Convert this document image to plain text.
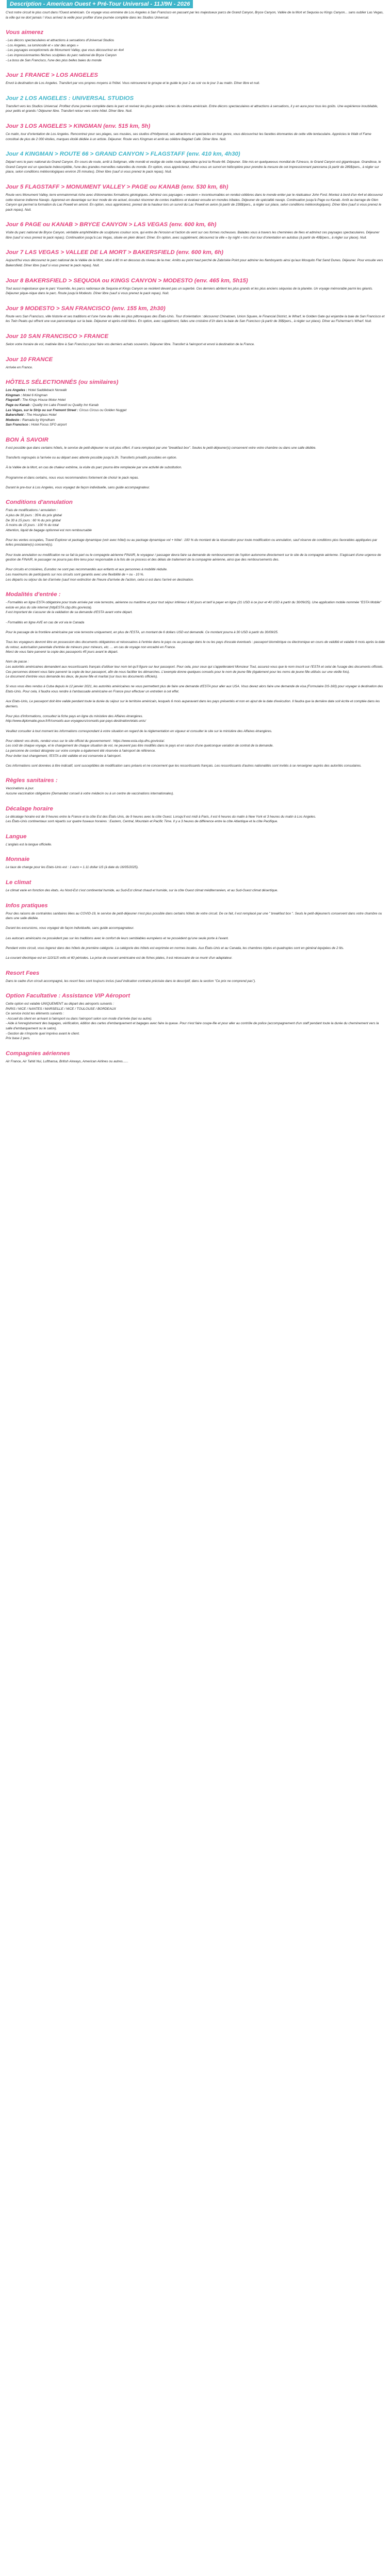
Description - American Ouest + Pré-Tour Universal - 11J/9N - 2026

C'est notre circuit le plus court dans l'Ouest américain. Ce voyage vous emmène de Los Angeles à San Francisco en passant par les majestueux parcs de Grand Canyon, Bryce Canyon, Vallée de la Mort et Sequoia ou Kings Canyon... sans oublier Las Vegas, la ville qui ne dort jamais ! Vous arrivez la veille pour profiter d'une journée complète dans les Studios Universal.

Vous aimerez
- Les décors spectaculaires et attractions à sensations d'Universal Studios
- Los Angeles, sa luminosité et « star des anges »
- Les paysages exceptionnels de Monument Valley, que vous découvrirez en 4x4
- Les impressionnantes flèches sculptées du parc national de Bryce Canyon
- La boss de San Francisco, l'une des plus belles baies du monde
Jour 1 FRANCE > LOS ANGELES

Envol à destination de Los Angeles. Transfert par vos propres moyens à l'hôtel. Vous retrouverez le groupe et le guide le jour 2 au soir ou le jour 3 au matin. Dîner libre et nuit.

Jour 2 LOS ANGELES : UNIVERSAL STUDIOS

Transfert vers les Studios Universal. Profitez d'une journée complète dans le parc et revivez les plus grandes scènes du cinéma américain. Entre décors spectaculaires et attractions à sensations, il y en aura pour tous les goûts. Une expérience inoubliable, pour petits et grands ! Déjeuner libre. Transfert retour vers votre hôtel. Dîner libre. Nuit.

Jour 3 LOS ANGELES > KINGMAN (env. 515 km, 5h)

Ce matin, tour d'orientation de Los Angeles. Rencontrez pour ses plages, ses musées, ses studios d'Hollywood, ses attractions et spectacles en tout genre, vous découvrirez les facettes étonnantes de cette ville tentaculaire. Apprécies le Walk of Fame constitué de plus de 2 000 étoiles, marques étoilé dédiée à un artiste. Déjeuner. Route vers Kingman et arrêt au célèbre Bagdad Café. Dîner libre. Nuit.

Jour 4 KINGMAN > ROUTE 66 > GRAND CANYON > FLAGSTAFF (env. 410 km, 4h30)

Départ vers le parc national du Grand Canyon. En cours de route, arrêt à Seligman, ville mondé et vestige de cette route légendaire qu'est la Route 66. Déjeuner. Site mis en quelqueeous mondial de l'Unesco, le Grand Canyon est gigantesque. Grandiose, le Grand Canyon est un spectacle indescriptible, l'une des grandes merveilles naturelles du monde. En option, vous apprécierez, offrez-vous un survol en hélicoptère pour prendre la mesure de cet impressionnant panorama (à partir de 289$/pers., à régler sur place, selon conditions météorologiques environ 25 minutes). Dîner libre (sauf si vous prenez le pack repas). Nuit.

Jour 5 FLAGSTAFF > MONUMENT VALLEY > PAGE ou KANAB (env. 530 km, 6h)

Route vers Monument Valley, terre emmainmmat riche avec d'étonnantes formations géologiques. Admirez ces paysages « western » incontournables en rendez-célèbres dans le monde entier par le réalisateur John Ford. Montez à bord d'un 4x4 et découvrez cette réserve indienne Navajo. Apprenez-en davantage sur leur mode de vie actuel, écoutez résonner de contes traditions et évaluez ensuite en mondes tribales. Déjeuner de spécialité navajo. Continuation jusqu'à Page ou Kanab. Arrêt au barrage de Glen Canyon qui permet la formation du Lac Powell en amont. En option, vous apprécierez, prenez de la hauteur lors un survol du Lac Powell en avion (à partir de 239$/pers., à régler sur place, selon conditions météorologiques). Dîner libre (sauf si vous prenez le pack repas). Nuit.

Jour 6 PAGE ou KANAB > BRYCE CANYON > LAS VEGAS (env. 600 km, 6h)

Visite du parc national de Bryce Canyon, véritable amphithéâtre de sculptures coulour ocre, qui entre de l'érosion et l'action du vent sur ces formes rocheuses. Balades vous à travers les cheminées de fées et admirez ces paysages spectaculaires. Déjeuner libre (sauf si vous prenez le pack repas). Continuation jusqu'à Las Vegas, située en plein désert. Dîner. En option, avec supplément, découvrez la ville « by night » lors d'un tour d'orientation en autobus (à partir de 49$/pers., à régler sur place). Nuit.

Jour 7 LAS VEGAS > VALLEE DE LA MORT > BAKERSFIELD (env. 600 km, 6h)

Aujourd'hui vous découvrez le parc national de la Vallée de la Mort, situé à 80 m en dessous du niveau de la mer. Arrêts au point haut perché de Zabriskie Point pour admirer les flamboyants ainsi qu'aux Mosquito Flat Sand Dunes. Déjeuner. Pour ensuite vers Bakersfield. Dîner libre (sauf si vous prenez le pack repas). Nuit.

Jour 8 BAKERSFIELD > SEQUOIA ou KINGS CANYON > MODESTO (env. 465 km, 5h15)

Tout aussi majestueux que le parc Yosemite, les parcs nationaux de Sequoia et Kings Canyon se recèlent devant pas un superbé. Ces derniers abritent les plus grands et les plus anciens séquoias de la planète. Un voyage mémorable parmi les géants. Déjeuner pique-nique dans le parc. Route jusqu'à Modesto. Dîner libre (sauf si vous prenez le pack repas). Nuit.

Jour 9 MODESTO > SAN FRANCISCO (env. 155 km, 2h30)

Route vers San Francisco, ville historie et ses traditions et l'une l'une des villes les plus pittoresques des États-Unis. Tour d'orientation : découvrez Chinatown, Union Square, le Financial District, le Wharf, le Golden Gate qui enjambe la baie de San Francisco et les Twin Peaks qui offrent une vue panoramique sur la baie. Déjeuner et après-midi libres. En option, avec supplément, faites une croisière d'1h dans la baie de San Francisco (à partir de 39$/pers., à régler sur place). Dîner au Fisherman's Wharf. Nuit.

Jour 10 SAN FRANCISCO > FRANCE

Selon votre horaire de vol, matinée libre à San Francisco pour faire vos derniers achats souvenirs. Déjeuner libre. Transfert à l'aéroport et envol à destination de la France.

Jour 10 FRANCE

Arrivée en France.

HÔTELS SÉLECTIONNÉS (ou similaires)

Los Angeles : Hotel Saddleback Norwalk

Kingman : Motel 6 Kingman

Flagstaff : The Kings House Motor Hotel

Page ou Kanab : Quality Inn Lake Powell ou Quality Inn Kanab

Las Vegas, sur le Strip ou sur Fremont Street : Circus Circus ou Golden Nugget

Bakersfield : The Hourglass Hotel

Modesto : Ramada by Wyndham

San Francisco : Hotel Focus SFO airport

BON À SAVOIR

Il est possible que dans certains hôtels, le service de petit-déjeuner ne soit plus offert. Il sera remplacé par une "breakfast box". Seules le petit-déjeuner(s) conservent votre votre chambre ou dans une salle dédiée.

Transferts regroupés à l'arrivée ou au départ avec attente possible jusqu'à 2h. Transferts privatifs possibles en option.

À la Vallée de la Mort, en cas de chaleur extrême, la visite du parc pourra être remplacée par une activité de substitution.

Programme et dans certains, nous vous recommandons fortement de choisir le pack repas.

Durant le pre-tour à Los Angeles, vous voyagez de façon individuelle, sans guide accompagnateur.

Conditions d'annulation

Frais de modifications / annulation :

A plus de 30 jours : 35% du prix global

De 30 à 15 jours : 60 % du prix global

À moins de 15 jours : 100 % du total

Attention, liquid de bagage optionnel est non remboursable

Pour les ventes occupées, Travel Explorer et package dynamique (voir avec hôtel) ou au package dynamique vol + hôtel : 100 % du montant de la réservation pour toute modification ou annulation, sauf réserve de conditions plus favorables appliquées par le/les prestataire(s) concerné(s).

Pour toute annulation ou modification ne se fait la part ou le compagnie aérienne FINAIR, le voyageur / passager devra faire sa demande de remboursement de l'option autonome directement sur le site de la compagnie aérienne. S'agissant d'une urgence de gestion de FINAIR, le passager ne pourra pas être tenu pour responsable à la fois de ce process et des délais de traitement de la compagnie aérienne, ainsi que des remboursements des.

Pour circuits et croisières, Eurodoc ne sont pas recommandés aux enfants et aux personnes à mobilité réduite.

Les maximums de participants sur nos circuits sont garantis avec une flexibilité de + ou - 10 %.

Les départs ou séjour du lan d'arrivée (sauf mon extinction de l'heure d'arrivée de l'action, celui-ci est dans l'arrivé en destination.

Modalités d'entrée :

- Formalités en ligne ESTA obligatoire pour toute arrivée par voie terrestre, aérienne ou maritime et pour tout séjour inférieur à 90 jours et tarif à payer en ligne (21 USD à ce jour et 40 USD à partir du 30/09/25). Une application mobile nommée "ESTA Mobile" existe en plus du site internet (httpESTA.cbp.dhs.gov/esta).

Il est important de s'assurer de la validation de sa demande d'ESTA avant votre départ.

- Formalités en ligne AVE en cas de vol via le Canada

Pour le passage de la frontière américaine par voie terrestre uniquement, en plus de l'ESTA, un montant de 6 dollars USD est demandé. Ce montant pourra à 30 USD à partir du 30/09/25.

Tous les voyageurs devront être en possession des documents obligatoires et nécessaires à l'entrée dans le pays ou au passage dans le ou les pays d'escale éventuels : passeport biométrique ou électronique en cours de validité et valable 6 mois après la date du retour, autorisation parentale d'entrée de mineurs pour mineurs, etc. ... en cas de voyage non encadré en France.

Merci de vous faire parvenir la copie des passeports 45 jours avant le départ.

Nom de passe :

Les autorités américaines demandent aux ressortissants français d'utiliser leur nom tel qu'il figure sur leur passeport. Pour cela, pour ceux qui s'appelleraient Monsieur Tout, assurez-vous que le nom inscrit sur l'ESTA et celui de l'usage des documents officiels. Ces personnes doivent vous faire parvenir la copie de leur passeport, afin de nous faciliter les démarches. L'exemple donne quelques conseils pour le nom de jeune fille (également pour les noms de jeune fille utilisés sur une vieille fois).

Le document d'entrée vous demande les deux, de jeune fille et marital (sur tous les documents officiels).

Si vous vous êtes rendus à Cuba depuis le 12 janvier 2021, les autorités américaines ne vous permettent plus de faire une demande d'ESTA pour aller aux USA. Vous devez alors faire une demande de visa (Formulaire DS-160) pour voyager à destination des Etats-Unis. Pour cela, il faudra vous rendre à l'ambassade américaine en France pour effectuer un entretien à cet effet.

Aux Etats-Unis, Le passeport doit être valide pendant toute la durée du séjour sur le territoire américain, lesquels 6 mois auparavant dans les pays présentés et non en ajout de la date d'exécution. Il faudra que la dernière date soit écrite et comptée dans les derniers.

Pour plus d'informations, consultez la fiche pays en ligne du ministère des Affaires étrangères.

http://www.diplomatie.gouv.fr/fr/conseils-aux-voyageurs/conseils-par-pays-destination/etats-unis/

Veuillez consulter à tout moment les informations correspondant à votre situation en regard de la réglementation en vigueur et consulter le site sur le ministère des Affaires étrangères.

Pour obtenir vos droits, rendez-vous sur le site officiel du gouvernement : https://www.esta.cbp.dhs.gov/esta/.

Les coût de chaque voyage, et le changement de chaque situation de vol, ne peuvent pas être modifiés dans le pays et en raison d'une quelconque variation de contrat de la demande.

La personne de contact désignée sur votre compte a également été réservée à l'aéroport de référence.

Pour éviter tout changement, l'ESTA a été validée et est conservée à l'aéroport.

Ces informations sont données à titre indicatif, sont susceptibles de modification sans préavis et ne concernent que les ressortissants français. Les ressortissants d'autres nationalités sont invités à se renseigner auprès des autorités consulaires.

Règles sanitaires :

Vaccinations à jour.

Aucune vaccination obligatoire (Demandez conseil à votre médecin ou à un centre de vaccinations internationales).

Décalage horaire

Le décalage horaire est de 9 heures entre la France et la côte Est des États-Unis, de 9 heures avec la côte Ouest. Lorsqu'il est midi à Paris, il est 6 heures du matin à New York et 3 heures du matin à Los Angeles.

Les États-Unis continentaux sont répartis sur quatre fuseaux horaires : Eastern, Central, Mountain et Pacific Time. Il y a 3 heures de différence entre la côte Atlantique et la côte Pacifique.

Langue

L'anglais est la langue officielle.

Monnaie

Le taux de change pour les Etats-Unis est : 1 euro = 1.11 dollar US (à date du 16/05/2025).

Le climat

Le climat varie en fonction des états. Au Nord-Est c'est continental humide, au Sud-Est climat chaud et humide, sur la côte Ouest climat méditerranéen, et au Sud-Ouest climat désertique.

Infos pratiques

Pour des raisons de contraintes sanitaires liées au COVID-19, le service de petit-déjeuner n'est plus possible dans certains hôtels de votre circuit. De ce fait, il est remplacé par une " breakfast box ". Seuls le petit-déjeuner/s conservent dans votre chambre ou dans une salle dédiée.

Durant les excursions, vous voyagez de façon individuelle, sans guide accompagnateur.

Les autocars américains ne possèdent pas sur les traditions avec le confort de leurs semblables européens et ne possèdent qu'une seule porte à l'avant.

Pendant votre circuit, vous logerez dans des hôtels de première catégorie. La catégorie des hôtels est exprimée en normes locales. Aux États-Unis et au Canada, les chambres triples et quadruples sont en général équipées de 2 lits.

La courant électrique est en 110/115 volts et 60 périodes. La prise de courant américaine est de fiches plates, il est nécessaire de se munir d'un adaptateur.

Resort Fees

Dans le cadre d'un circuit accompagné, les resort fees sont toujours inclus (sauf indication contraire précisée dans le descriptif, dans la section "Ce prix ne comprend pas").

Option Facultative : Assistance VIP Aéroport

Cette option est valable UNIQUEMENT au départ des aéroports suivants :

PARIS / NICE / NANTES / MARSEILLE / NICE / TOULOUSE / BORDEAUX

Ce service inclut les éléments suivants :

- Accueil du client en arrivant à l'aéroport ou dans l'aéroport selon son mode d'arrivée (taxi ou autre).

- Aide à l'enregistrement des bagages, vérification, édition des cartes d'embarquement et bagages avec faire la queue. Pour n'est faire coupe-file et pour aller au contrôle de police (accompagnement d'un staff pendant toute la durée du cheminement vers la salle d'embarquement ou le salon).

- Gestion de n'importe quel imprévu avant le client.

Prix base 2 pers.

Compagnies aériennes

Air France, Air Tahiti Nui, Lufthansa, British Airways, American Airlines ou autres......
